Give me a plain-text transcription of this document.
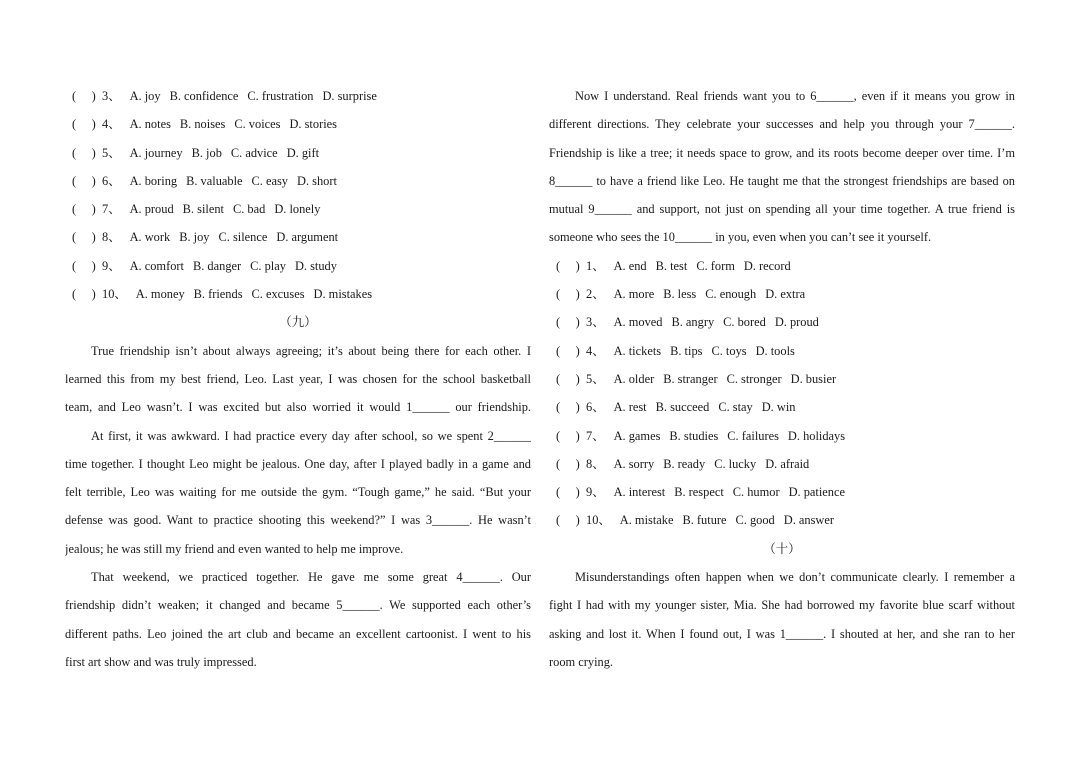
(     ) 3、 A. joy B. confidence C. frustration D. surprise
(     ) 4、 A. notes B. noises C. voices D. stories
(     ) 5、 A. journey B. job C. advice D. gift
(     ) 6、 A. boring B. valuable C. easy D. short
(     ) 7、 A. proud B. silent C. bad D. lonely
(     ) 8、 A. work B. joy C. silence D. argument
(     ) 9、 A. comfort B. danger C. play D. study
(     ) 10、 A. money B. friends C. excuses D. mistakes
（九）
True friendship isn’t about always agreeing; it’s about being there for each other. I
learned this from my best friend, Leo. Last year, I was chosen for the school basketball
team, and Leo wasn’t. I was excited but also worried it would 1______ our friendship.
At first, it was awkward. I had practice every day after school, so we spent 2______
time together. I thought Leo might be jealous. One day, after I played badly in a game and
felt terrible, Leo was waiting for me outside the gym. “Tough game,” he said. “But your
defense was good. Want to practice shooting this weekend?” I was 3______. He wasn’t
jealous; he was still my friend and even wanted to help me improve.
That weekend, we practiced together. He gave me some great 4______. Our
friendship didn’t weaken; it changed and became 5______. We supported each other’s
different paths. Leo joined the art club and became an excellent cartoonist. I went to his
first art show and was truly impressed.
Now I understand. Real friends want you to 6______, even if it means you grow in
different directions. They celebrate your successes and help you through your 7______.
Friendship is like a tree; it needs space to grow, and its roots become deeper over time. I’m
8______ to have a friend like Leo. He taught me that the strongest friendships are based on
mutual 9______ and support, not just on spending all your time together. A true friend is
someone who sees the 10______ in you, even when you can’t see it yourself.
(     ) 1、 A. end B. test C. form D. record
(     ) 2、 A. more B. less C. enough D. extra
(     ) 3、 A. moved B. angry C. bored D. proud
(     ) 4、 A. tickets B. tips C. toys D. tools
(     ) 5、 A. older B. stranger C. stronger D. busier
(     ) 6、 A. rest B. succeed C. stay D. win
(     ) 7、 A. games B. studies C. failures D. holidays
(     ) 8、 A. sorry B. ready C. lucky D. afraid
(     ) 9、 A. interest B. respect C. humor D. patience
(     ) 10、 A. mistake B. future C. good D. answer
（十）
Misunderstandings often happen when we don’t communicate clearly. I remember a
fight I had with my younger sister, Mia. She had borrowed my favorite blue scarf without
asking and lost it. When I found out, I was 1______. I shouted at her, and she ran to her
room crying.
